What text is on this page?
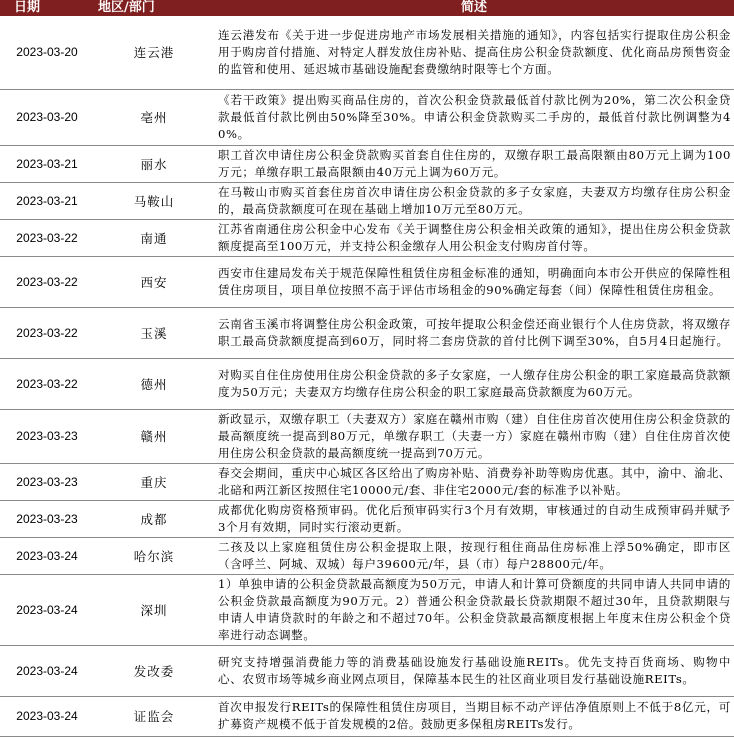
日期	地区/部门	简述
2023-03-20	连云港	连云港发布《关于进一步促进房地产市场发展相关措施的通知》，内容包括实行提取住房公积金用于购房首付措施、对特定人群发放住房补贴、提高住房公积金贷款额度、优化商品房预售资金的监管和使用、延迟城市基础设施配套费缴纳时限等七个方面。
2023-03-20	亳州	《若干政策》提出购买商品住房的，首次公积金贷款最低首付款比例为20%，第二次公积金贷款最低首付款比例由50%降至30%。申请公积金贷款购买二手房的，最低首付款比例调整为40%。
2023-03-21	丽水	职工首次申请住房公积金贷款购买首套自住住房的，双缴存职工最高限额由80万元上调为100万元；单缴存职工最高限额由40万元上调为60万元。
2023-03-21	马鞍山	在马鞍山市购买首套住房首次申请住房公积金贷款的多子女家庭，夫妻双方均缴存住房公积金的，最高贷款额度可在现在基础上增加10万元至80万元。
2023-03-22	南通	江苏省南通住房公积金中心发布《关于调整住房公积金相关政策的通知》，提出住房公积金贷款额度提高至100万元，并支持公积金缴存人用公积金支付购房首付等。
2023-03-22	西安	西安市住建局发布关于规范保障性租赁住房租金标准的通知，明确面向本市公开供应的保障性租赁住房项目，项目单位按照不高于评估市场租金的90%确定每套（间）保障性租赁住房租金。
2023-03-22	玉溪	云南省玉溪市将调整住房公积金政策，可按年提取公积金偿还商业银行个人住房贷款，将双缴存职工最高贷款额度提高到60万，同时将二套房贷款的首付比例下调至30%，自5月4日起施行。
2023-03-22	德州	对购买自住住房使用住房公积金贷款的多子女家庭，一人缴存住房公积金的职工家庭最高贷款额度为50万元；夫妻双方均缴存住房公积金的职工家庭最高贷款额度为60万元。
2023-03-23	赣州	新政显示，双缴存职工（夫妻双方）家庭在赣州市购（建）自住住房首次使用住房公积金贷款的最高额度统一提高到80万元，单缴存职工（夫妻一方）家庭在赣州市购（建）自住住房首次使用住房公积金贷款的最高额度统一提高到70万元。
2023-03-23	重庆	春交会期间，重庆中心城区各区给出了购房补贴、消费券补助等购房优惠。其中，渝中、渝北、北碚和两江新区按照住宅10000元/套、非住宅2000元/套的标准予以补贴。
2023-03-23	成都	成都优化购房资格预审码。优化后预审码实行3个月有效期，审核通过的自动生成预审码并赋予3个月有效期，同时实行滚动更新。
2023-03-24	哈尔滨	二孩及以上家庭租赁住房公积金提取上限，按现行租住商品住房标准上浮50%确定，即市区（含呼兰、阿城、双城）每户39600元/年，县（市）每户28800元/年。
2023-03-24	深圳	1）单独申请的公积金贷款最高额度为50万元，申请人和计算可贷额度的共同申请人共同申请的公积金贷款最高额度为90万元。2）普通公积金贷款最长贷款期限不超过30年，且贷款期限与申请人申请贷款时的年龄之和不超过70年。公积金贷款最高额度根据上年度末住房公积金个贷率进行动态调整。
2023-03-24	发改委	研究支持增强消费能力等的消费基础设施发行基础设施REITs。优先支持百货商场、购物中心、农贸市场等城乡商业网点项目，保障基本民生的社区商业项目发行基础设施REITs。
2023-03-24	证监会	首次申报发行REITs的保障性租赁住房项目，当期目标不动产评估净值原则上不低于8亿元，可扩募资产规模不低于首发规模的2倍。鼓励更多保租房REITs发行。
